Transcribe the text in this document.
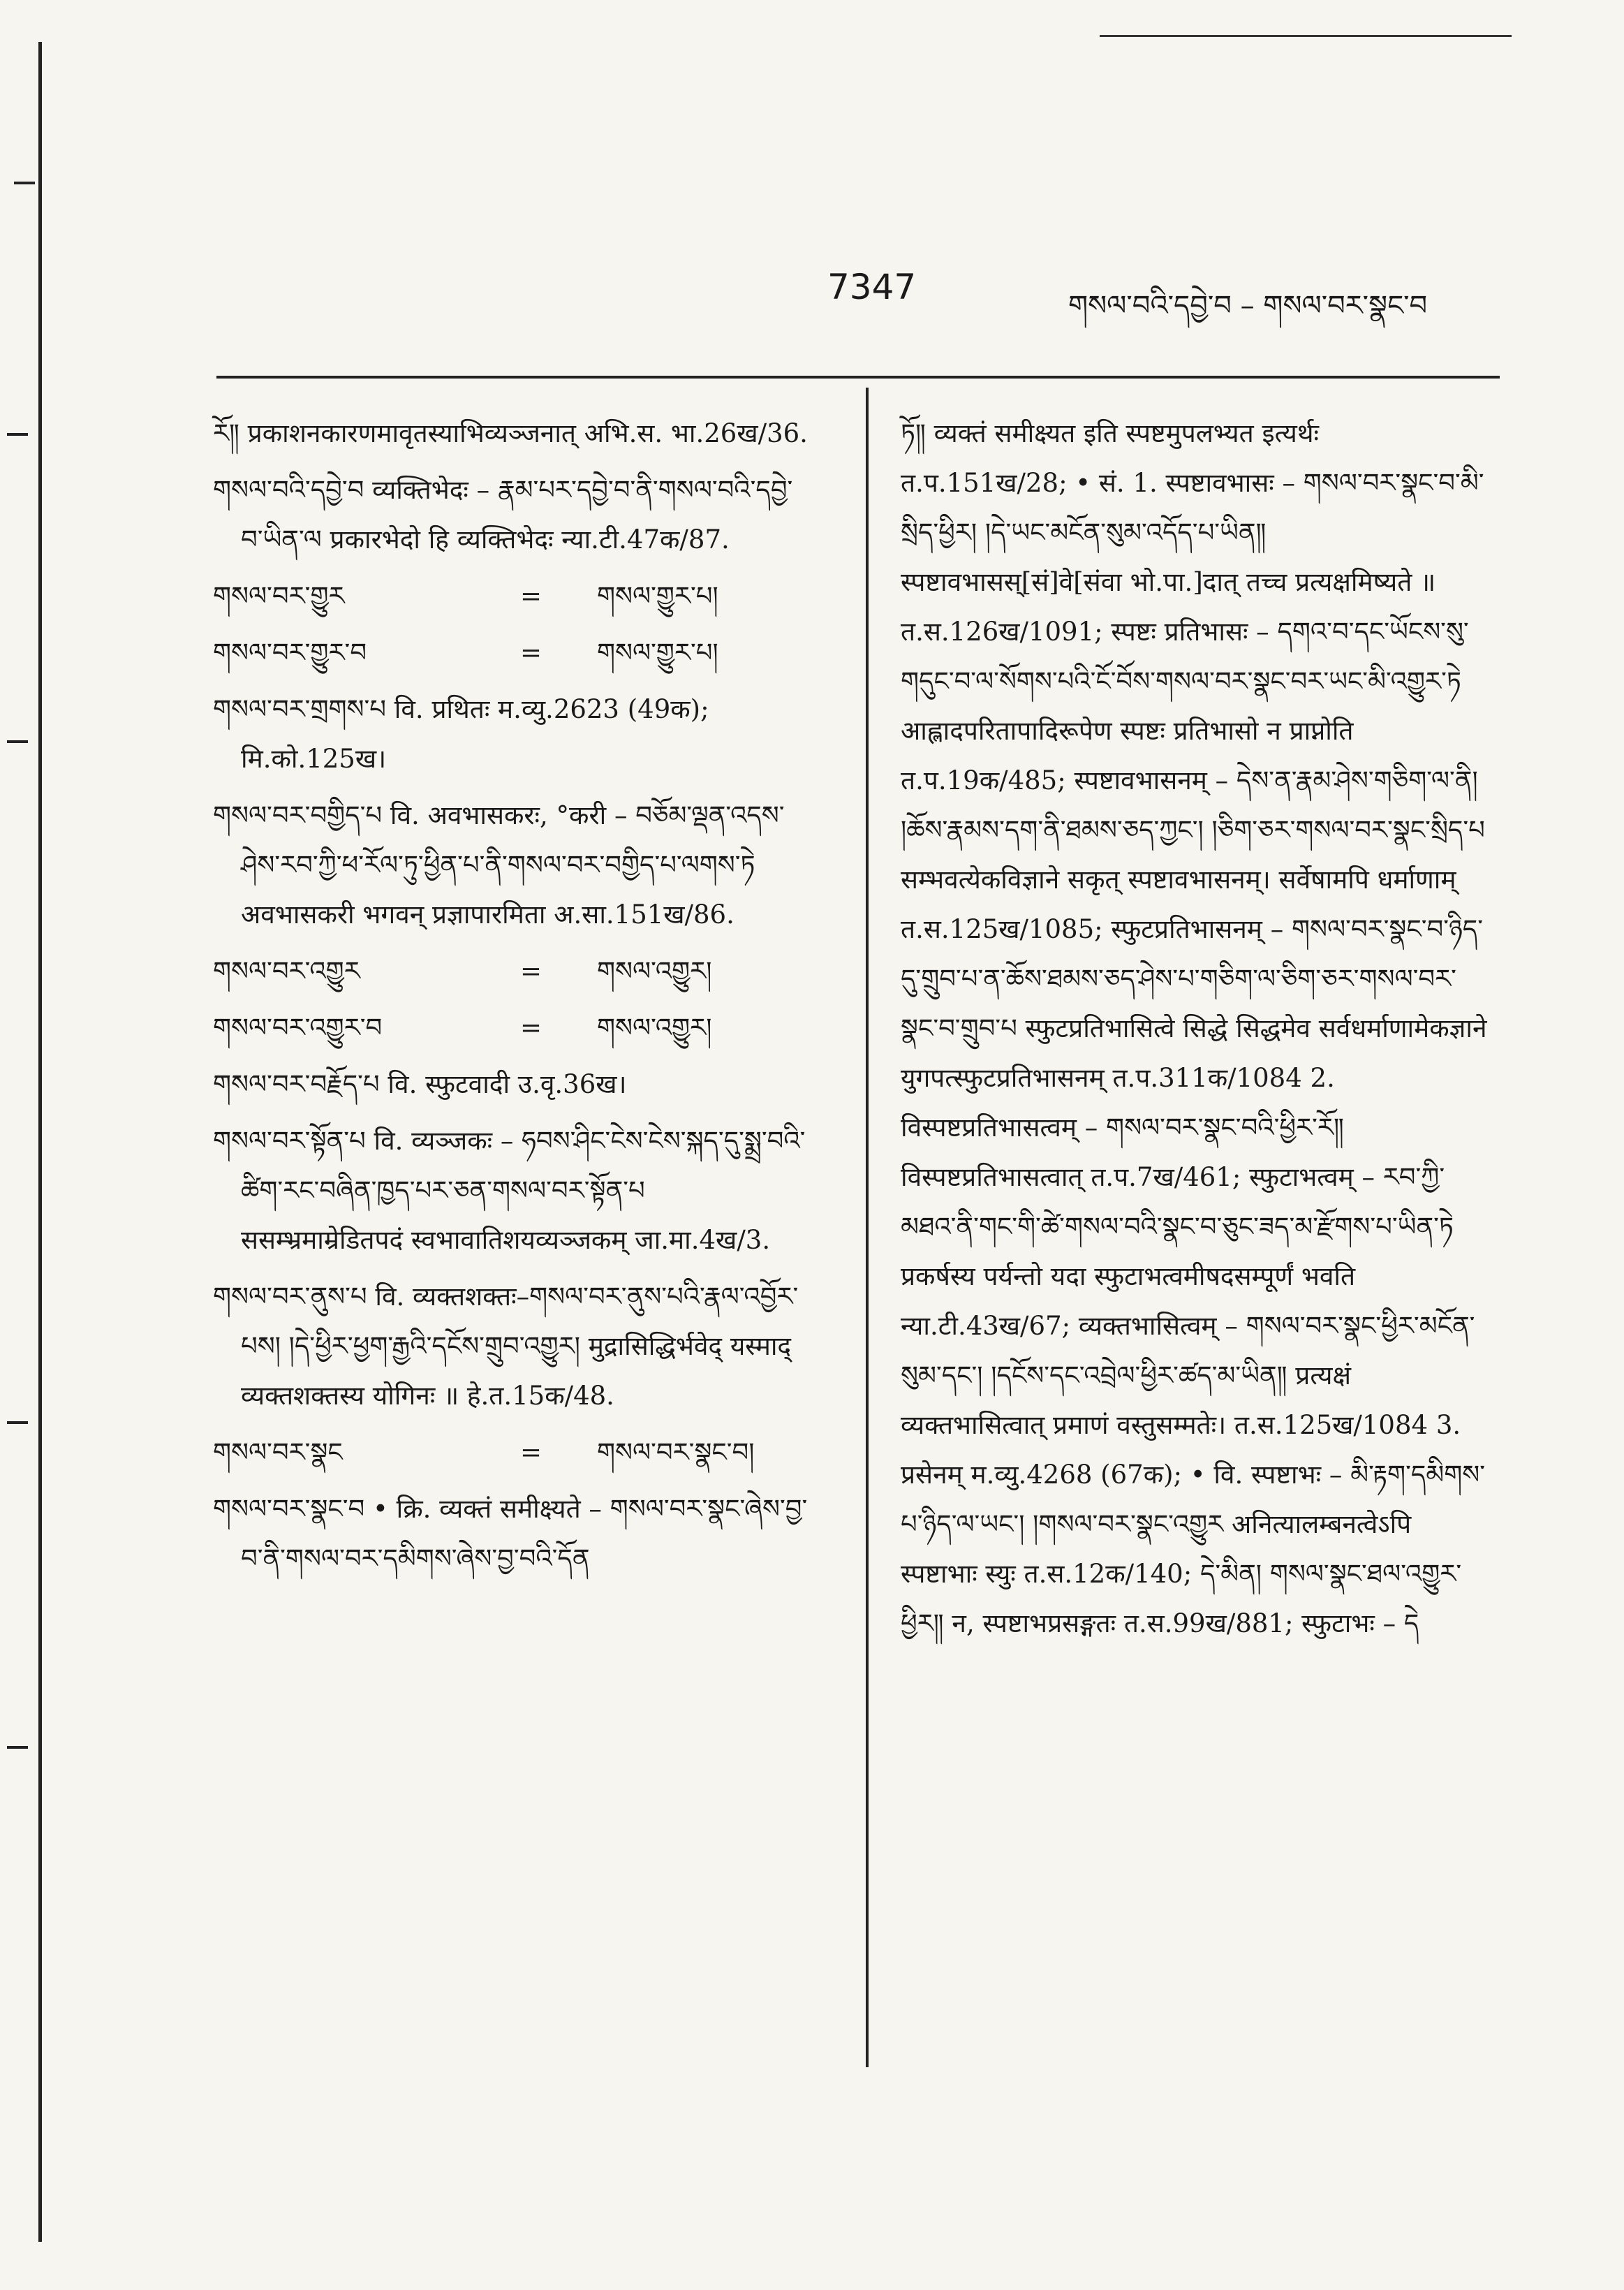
7347	གསལ་བའི་དབྱེ་བ – གསལ་བར་སྣང་བ

རོ༎ प्रकाशनकारणमावृतस्याभिव्यञ्जनात् अभि.स. भा.26ख/36.

གསལ་བའི་དབྱེ་བ व्यक्तिभेदः – རྣམ་པར་དབྱེ་བ་ནི་གསལ་བའི་དབྱེ་བ་ཡིན་ལ प्रकारभेदो हि व्यक्तिभेदः न्या.टी.47क/87.

གསལ་བར་གྱུར	=	གསལ་གྱུར་པ།
གསལ་བར་གྱུར་བ	=	གསལ་གྱུར་པ།

གསལ་བར་གྲགས་པ वि. प्रथितः म.व्यु.2623 (49क); मि.को.125ख।

གསལ་བར་བགྱིད་པ वि. अवभासकरः, °करी – བཅོམ་ལྡན་འདས་ཤེས་རབ་ཀྱི་ཕ་རོལ་ཏུ་ཕྱིན་པ་ནི་གསལ་བར་བགྱིད་པ་ལགས་ཏེ अवभासकरी भगवन् प्रज्ञापारमिता अ.सा.151ख/86.

གསལ་བར་འགྱུར	=	གསལ་འགྱུར།
གསལ་བར་འགྱུར་བ	=	གསལ་འགྱུར།

གསལ་བར་བརྗོད་པ वि. स्फुटवादी उ.वृ.36ख।

གསལ་བར་སྟོན་པ वि. व्यञ्जकः – ཧབས་ཤིང་ངེས་ངེས་སྐད་དུ་སྨྲ་བའི་ཚིག་རང་བཞིན་ཁྱད་པར་ཅན་གསལ་བར་སྟོན་པ ससम्भ्रमाम्रेडितपदं स्वभावातिशयव्यञ्जकम् जा.मा.4ख/3.

གསལ་བར་ནུས་པ वि. व्यक्तशक्तः–གསལ་བར་ནུས་པའི་རྣལ་འབྱོར་པས། །དེ་ཕྱིར་ཕྱག་རྒྱའི་དངོས་གྲུབ་འགྱུར། मुद्रासिद्धिर्भवेद् यस्माद् व्यक्तशक्तस्य योगिनः ॥ हे.त.15क/48.

གསལ་བར་སྣང	=	གསལ་བར་སྣང་བ།

གསལ་བར་སྣང་བ • क्रि. व्यक्तं समीक्ष्यते – གསལ་བར་སྣང་ཞེས་བྱ་བ་ནི་གསལ་བར་དམིགས་ཞེས་བྱ་བའི་དོན

ཏོ༎ व्यक्तं समीक्ष्यत इति स्पष्टमुपलभ्यत इत्यर्थः त.प.151ख/28; • सं. 1. स्पष्टावभासः – གསལ་བར་སྣང་བ་མི་སྲིད་ཕྱིར། །དེ་ཡང་མངོན་སུམ་འདོད་པ་ཡིན༎ स्पष्टावभासस्[सं]वे[संवा भो.पा.]दात् तच्च प्रत्यक्षमिष्यते ॥ त.स.126ख/1091; स्पष्टः प्रतिभासः – དགའ་བ་དང་ཡོངས་སུ་གདུང་བ་ལ་སོགས་པའི་ངོ་བོས་གསལ་བར་སྣང་བར་ཡང་མི་འགྱུར་ཏེ आह्लादपरितापादिरूपेण स्पष्टः प्रतिभासो न प्राप्नोति त.प.19क/485; स्पष्टावभासनम् – དེས་ན་རྣམ་ཤེས་གཅིག་ལ་ནི། །ཆོས་རྣམས་དག་ནི་ཐམས་ཅད་ཀྱང་། །ཅིག་ཅར་གསལ་བར་སྣང་སྲིད་པ सम्भवत्येकविज्ञाने सकृत् स्पष्टावभासनम्। सर्वेषामपि धर्माणाम् त.स.125ख/1085; स्फुटप्रतिभासनम् – གསལ་བར་སྣང་བ་ཉིད་དུ་གྲུབ་པ་ན་ཆོས་ཐམས་ཅད་ཤེས་པ་གཅིག་ལ་ཅིག་ཅར་གསལ་བར་སྣང་བ་གྲུབ་པ स्फुटप्रतिभासित्वे सिद्धे सिद्धमेव सर्वधर्माणामेकज्ञाने युगपत्स्फुटप्रतिभासनम् त.प.311क/1084 2. विस्पष्टप्रतिभासत्वम् – གསལ་བར་སྣང་བའི་ཕྱིར་རོ༎ विस्पष्टप्रतिभासत्वात् त.प.7ख/461; स्फुटाभत्वम् – རབ་ཀྱི་མཐའ་ནི་གང་གི་ཚེ་གསལ་བའི་སྣང་བ་ཅུང་ཟད་མ་རྫོགས་པ་ཡིན་ཏེ प्रकर्षस्य पर्यन्तो यदा स्फुटाभत्वमीषदसम्पूर्णं भवति न्या.टी.43ख/67; व्यक्तभासित्वम् – གསལ་བར་སྣང་ཕྱིར་མངོན་སུམ་དང་། །དངོས་དང་འབྲེལ་ཕྱིར་ཚད་མ་ཡིན༎ प्रत्यक्षं व्यक्तभासित्वात् प्रमाणं वस्तुसम्मतेः। त.स.125ख/1084 3. प्रसेनम् म.व्यु.4268 (67क); • वि. स्पष्टाभः – མི་རྟག་དམིགས་པ་ཉིད་ལ་ཡང་། །གསལ་བར་སྣང་འགྱུར अनित्यालम्बनत्वेऽपि स्पष्टाभाः स्युः त.स.12क/140; དེ་མིན། གསལ་སྣང་ཐལ་འགྱུར་ཕྱིར༎ न, स्पष्टाभप्रसङ्गतः त.स.99ख/881; स्फुटाभः – དེ
